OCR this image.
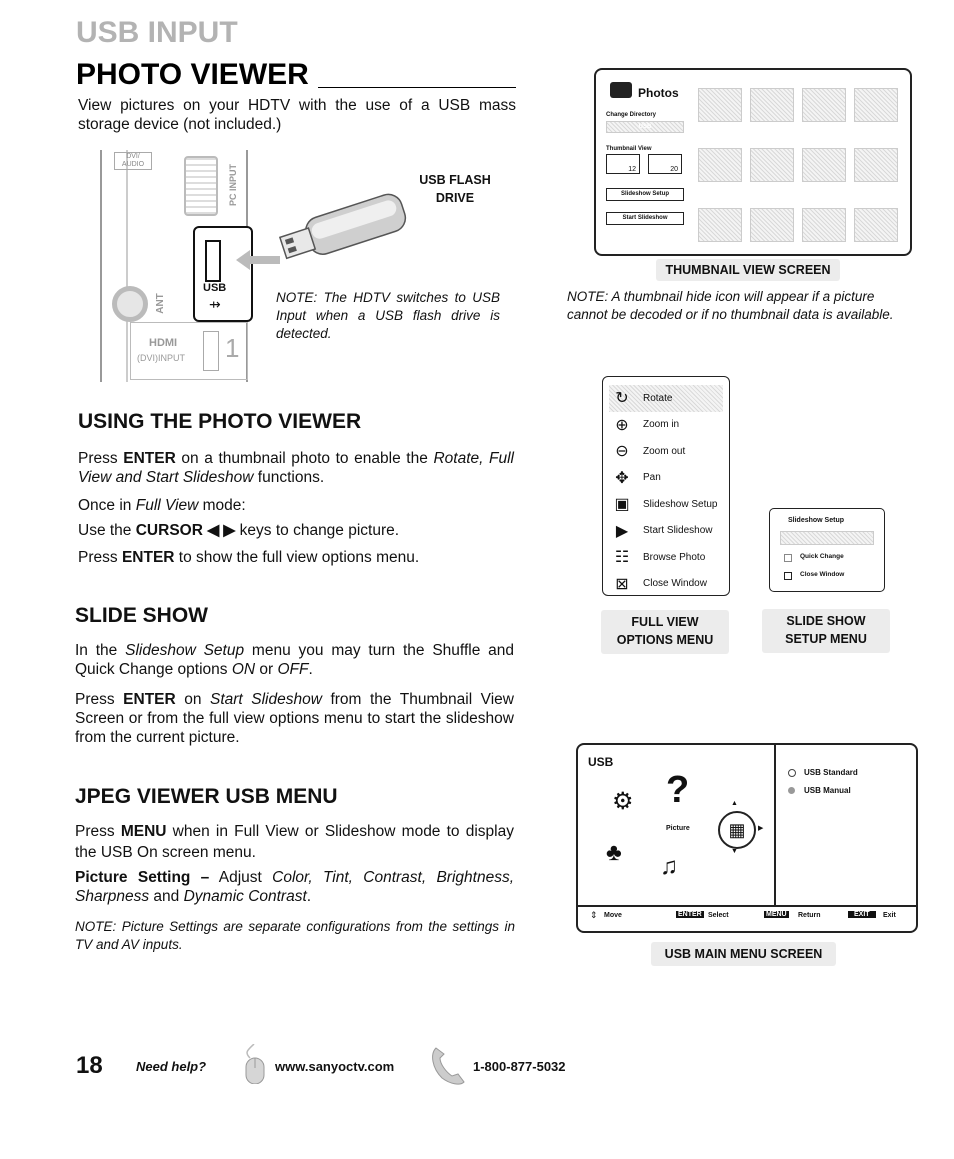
USB INPUT
PHOTO VIEWER
View pictures on your HDTV with the use of a USB mass storage device (not included.)
DVI/ AUDIO	PC INPUT
USB
⇸
ANT
HDMI
(DVI)INPUT 1
USB FLASH
DRIVE
NOTE: The HDTV switches to USB Input when a USB flash drive is detected.
Photos
Change Directory
USB
Thumbnail View
12	20
Slideshow Setup
Start Slideshow
THUMBNAIL VIEW SCREEN
NOTE: A thumbnail hide icon will appear if a picture cannot be decoded or if no thumbnail data is available.
USING THE PHOTO VIEWER
Press ENTER on a thumbnail photo to enable the Rotate, Full View and Start Slideshow functions.
Once in Full View mode:
Use the CURSOR ◀ ▶ keys to change picture.
Press ENTER to show the full view options menu.
↻	Rotate
⊕	Zoom in
⊖	Zoom out
✥	Pan
▣	Slideshow Setup
▶	Start Slideshow
☷	Browse Photo
⊠	Close Window
FULL VIEW
OPTIONS MENU
Slideshow Setup
Quick Change
Close Window
SLIDE SHOW
SETUP MENU
SLIDE SHOW
In the Slideshow Setup menu you may turn the Shuffle and Quick Change options ON or OFF.
Press ENTER on Start Slideshow from the Thumbnail View Screen or from the full view options menu to start the slideshow from the current picture.
JPEG VIEWER USB MENU
Press MENU when in Full View or Slideshow mode to display the USB On screen menu.
Picture Setting – Adjust Color, Tint, Contrast, Brightness, Sharpness and Dynamic Contrast.
NOTE: Picture Settings are separate configurations from the settings in TV and AV inputs.
USB
⚙ ?
Picture	▦
▲
▶
▼
♣
♫
USB Standard
USB Manual
⇕ Move	ENTER Select	MENU Return	EXIT	Exit
USB MAIN MENU SCREEN
18	Need help?	www.sanyoctv.com	1-800-877-5032
